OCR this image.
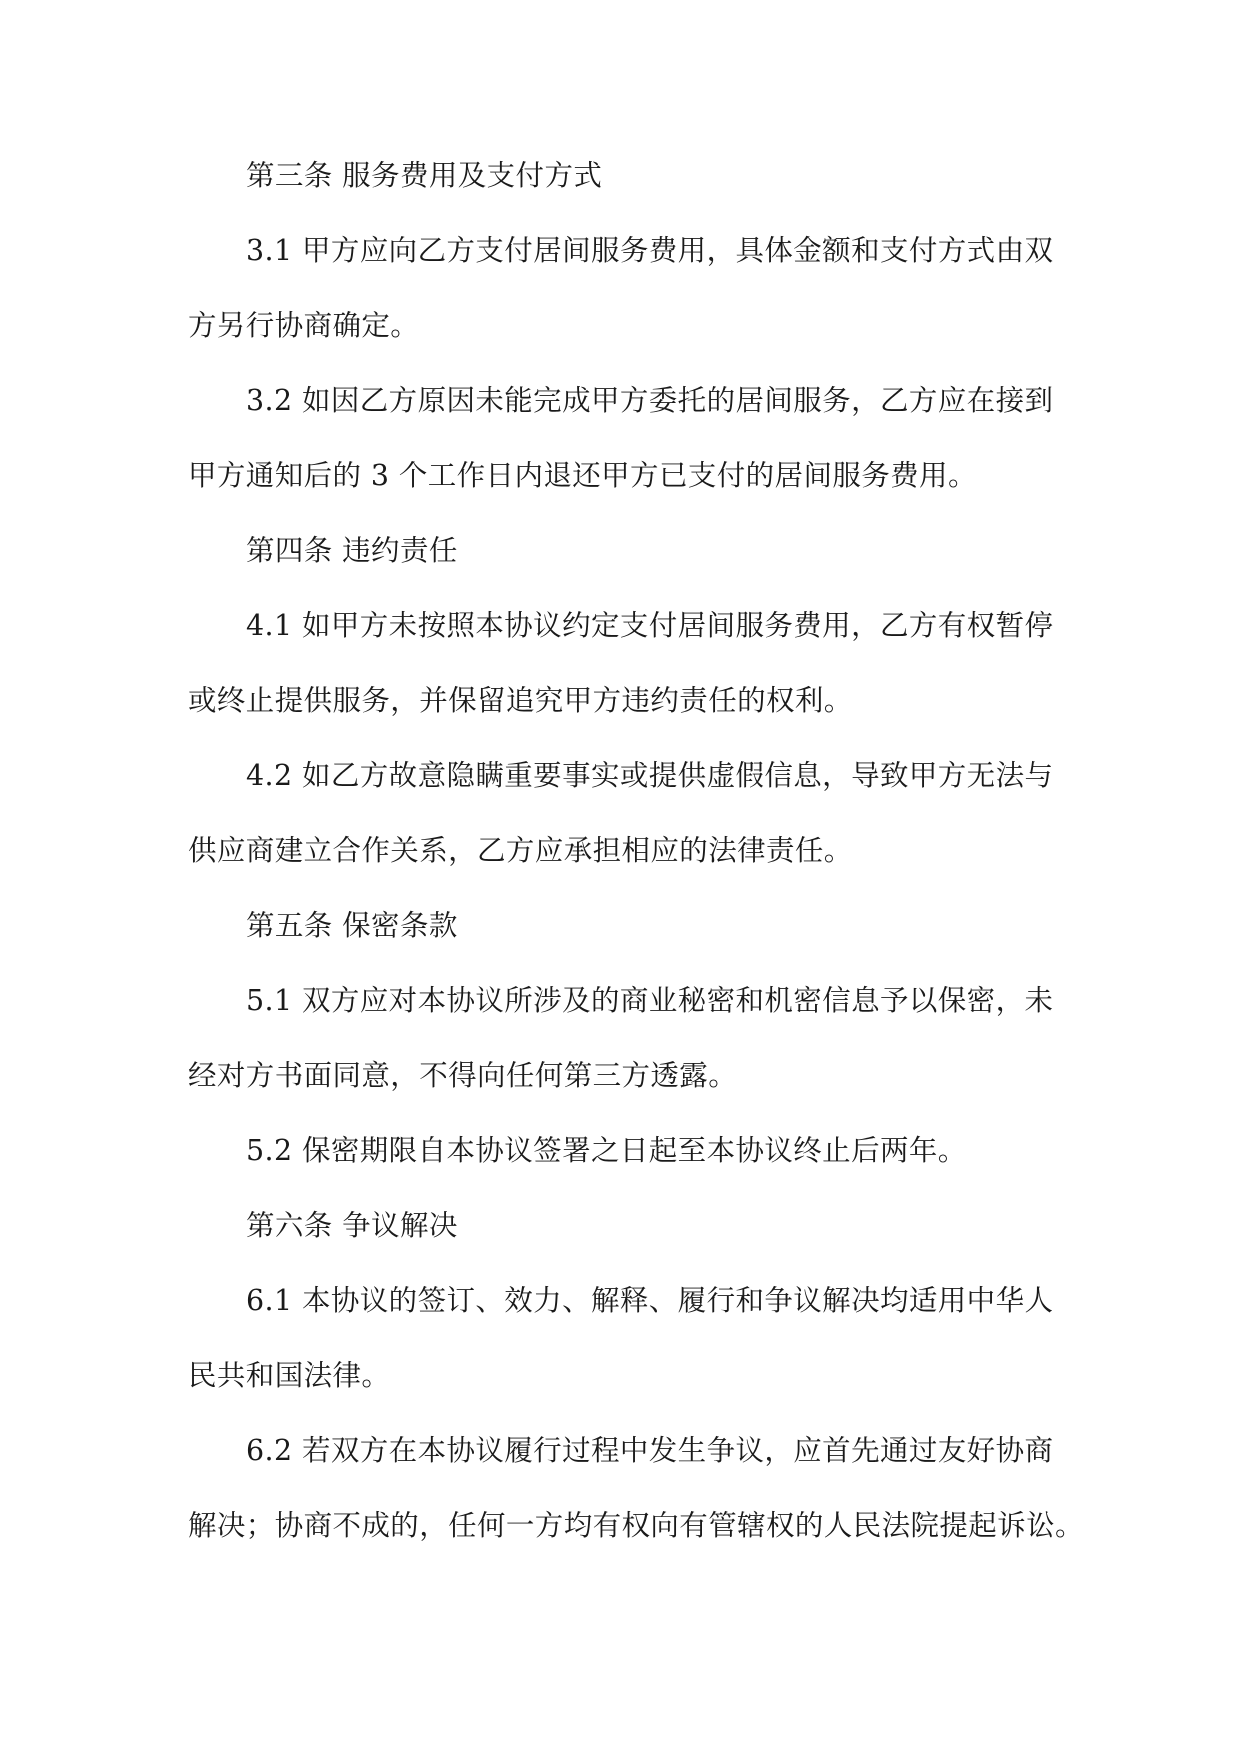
第三条 服务费用及支付方式
3.1 甲方应向乙方支付居间服务费用，具体金额和支付方式由双
方另行协商确定。
3.2 如因乙方原因未能完成甲方委托的居间服务，乙方应在接到
甲方通知后的 3 个工作日内退还甲方已支付的居间服务费用。
第四条 违约责任
4.1 如甲方未按照本协议约定支付居间服务费用，乙方有权暂停
或终止提供服务，并保留追究甲方违约责任的权利。
4.2 如乙方故意隐瞒重要事实或提供虚假信息，导致甲方无法与
供应商建立合作关系，乙方应承担相应的法律责任。
第五条 保密条款
5.1 双方应对本协议所涉及的商业秘密和机密信息予以保密，未
经对方书面同意，不得向任何第三方透露。
5.2 保密期限自本协议签署之日起至本协议终止后两年。
第六条 争议解决
6.1 本协议的签订、效力、解释、履行和争议解决均适用中华人
民共和国法律。
6.2 若双方在本协议履行过程中发生争议，应首先通过友好协商
解决；协商不成的，任何一方均有权向有管辖权的人民法院提起诉讼。
